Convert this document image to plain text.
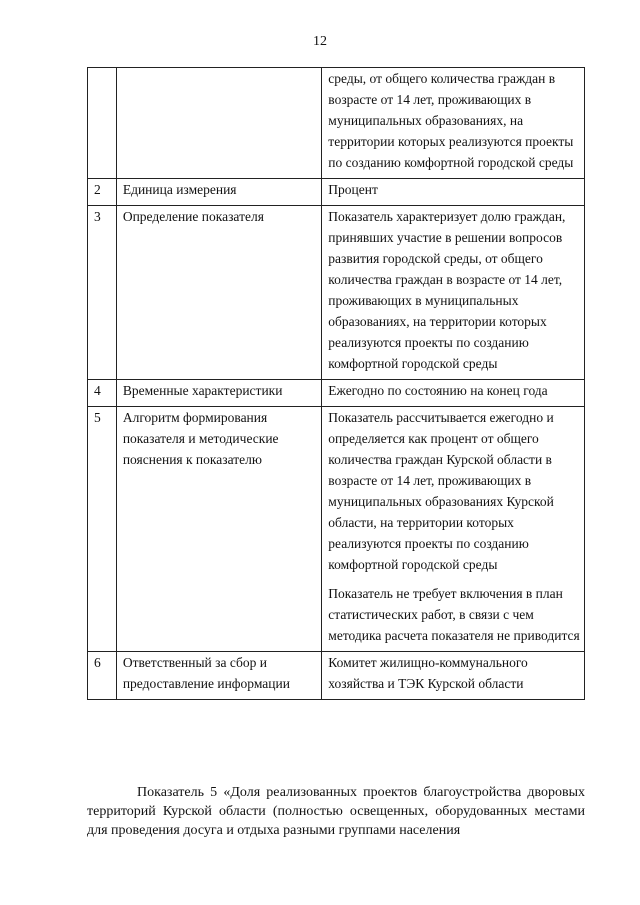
12

		среды, от общего количества граждан в возрасте от 14 лет, проживающих в муниципальных образованиях, на территории которых реализуются проекты по созданию комфортной городской среды

2	Единица измерения	Процент

3	Определение показателя	Показатель характеризует долю граждан, принявших участие в решении вопросов развития городской среды, от общего количества граждан в возрасте от 14 лет, проживающих в муниципальных образованиях, на территории которых реализуются проекты по созданию комфортной городской среды

4	Временные характеристики	Ежегодно по состоянию на конец года

5	Алгоритм формирования показателя и методические пояснения к показателю	Показатель рассчитывается ежегодно и определяется как процент от общего количества граждан Курской области в возрасте от 14 лет, проживающих в муниципальных образованиях Курской области, на территории которых реализуются проекты по созданию комфортной городской среды

Показатель не требует включения в план статистических работ, в связи с чем методика расчета показателя не приводится

6	Ответственный за сбор и предоставление информации	Комитет жилищно-коммунального хозяйства и ТЭК Курской области

Показатель 5 «Доля реализованных проектов благоустройства дворовых территорий Курской области (полностью освещенных, оборудованных местами для проведения досуга и отдыха разными группами населения
